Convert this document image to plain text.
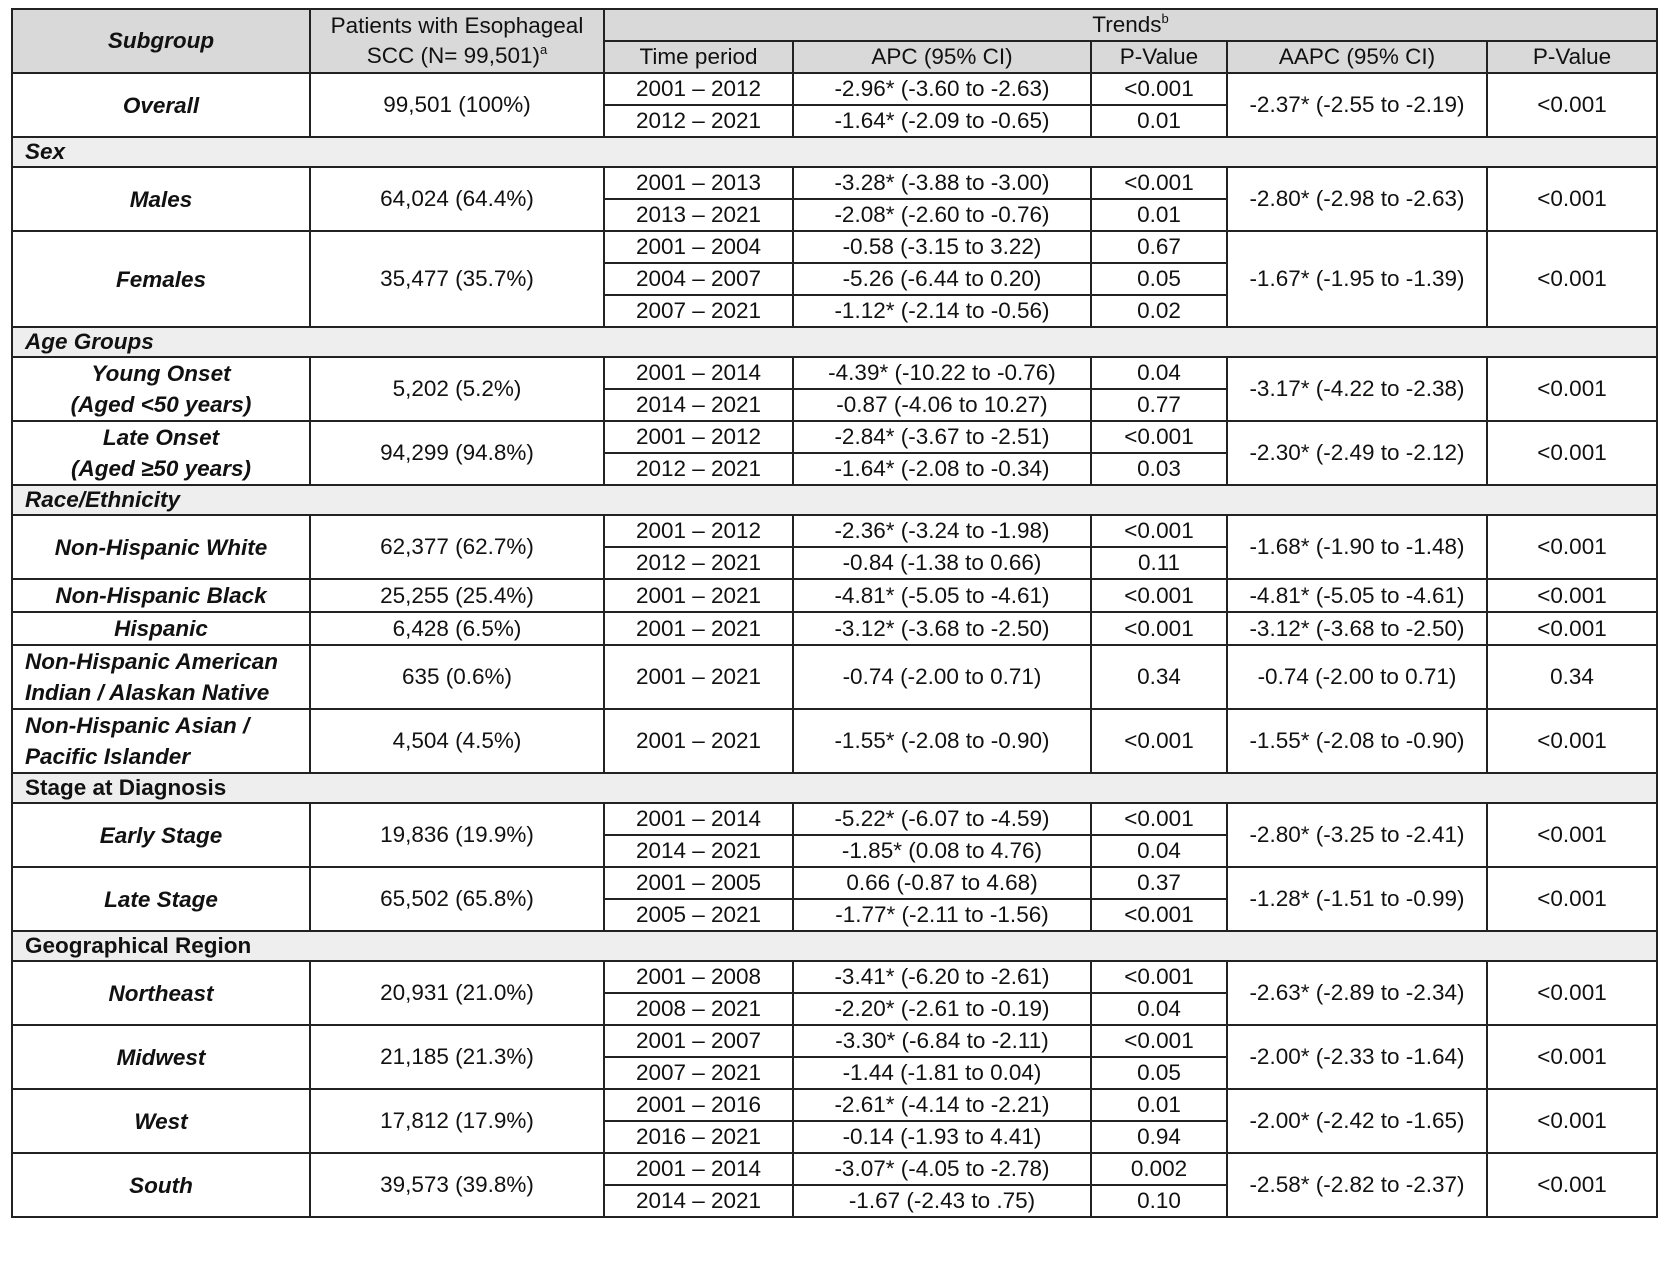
Subgroup	Patients with Esophageal
SCC (N= 99,501)$^a$	Trends$^b$
		Time period	APC (95% CI)	P-Value	AAPC (95% CI)	P-Value
Overall	99,501 (100%)	2001 – 2012	-2.96* (-3.60 to -2.63)	<0.001	-2.37* (-2.55 to -2.19)	<0.001
		2012 – 2021	-1.64* (-2.09 to -0.65)	0.01		
Sex						
Males	64,024 (64.4%)	2001 – 2013	-3.28* (-3.88 to -3.00)	<0.001	-2.80* (-2.98 to -2.63)	<0.001
		2013 – 2021	-2.08* (-2.60 to -0.76)	0.01		
Females	35,477 (35.7%)	2001 – 2004	-0.58 (-3.15 to 3.22)	0.67	-1.67* (-1.95 to -1.39)	<0.001
		2004 – 2007	-5.26 (-6.44 to 0.20)	0.05		
		2007 – 2021	-1.12* (-2.14 to -0.56)	0.02		
Age Groups						
Young Onset
(Aged <50 years)	5,202 (5.2%)	2001 – 2014	-4.39* (-10.22 to -0.76)	0.04	-3.17* (-4.22 to -2.38)	<0.001
		2014 – 2021	-0.87 (-4.06 to 10.27)	0.77		
Late Onset
(Aged ≥50 years)	94,299 (94.8%)	2001 – 2012	-2.84* (-3.67 to -2.51)	<0.001	-2.30* (-2.49 to -2.12)	<0.001
		2012 – 2021	-1.64* (-2.08 to -0.34)	0.03		
Race/Ethnicity						
Non-Hispanic White	62,377 (62.7%)	2001 – 2012	-2.36* (-3.24 to -1.98)	<0.001	-1.68* (-1.90 to -1.48)	<0.001
		2012 – 2021	-0.84 (-1.38 to 0.66)	0.11		
Non-Hispanic Black	25,255 (25.4%)	2001 – 2021	-4.81* (-5.05 to -4.61)	<0.001	-4.81* (-5.05 to -4.61)	<0.001
Hispanic	6,428 (6.5%)	2001 – 2021	-3.12* (-3.68 to -2.50)	<0.001	-3.12* (-3.68 to -2.50)	<0.001
Non-Hispanic American
Indian / Alaskan Native	635 (0.6%)	2001 – 2021	-0.74 (-2.00 to 0.71)	0.34	-0.74 (-2.00 to 0.71)	0.34
Non-Hispanic Asian /
Pacific Islander	4,504 (4.5%)	2001 – 2021	-1.55* (-2.08 to -0.90)	<0.001	-1.55* (-2.08 to -0.90)	<0.001
Stage at Diagnosis						
Early Stage	19,836 (19.9%)	2001 – 2014	-5.22* (-6.07 to -4.59)	<0.001	-2.80* (-3.25 to -2.41)	<0.001
		2014 – 2021	-1.85* (0.08 to 4.76)	0.04		
Late Stage	65,502 (65.8%)	2001 – 2005	0.66 (-0.87 to 4.68)	0.37	-1.28* (-1.51 to -0.99)	<0.001
		2005 – 2021	-1.77* (-2.11 to -1.56)	<0.001		
Geographical Region						
Northeast	20,931 (21.0%)	2001 – 2008	-3.41* (-6.20 to -2.61)	<0.001	-2.63* (-2.89 to -2.34)	<0.001
		2008 – 2021	-2.20* (-2.61 to -0.19)	0.04		
Midwest	21,185 (21.3%)	2001 – 2007	-3.30* (-6.84 to -2.11)	<0.001	-2.00* (-2.33 to -1.64)	<0.001
		2007 – 2021	-1.44 (-1.81 to 0.04)	0.05		
West	17,812 (17.9%)	2001 – 2016	-2.61* (-4.14 to -2.21)	0.01	-2.00* (-2.42 to -1.65)	<0.001
		2016 – 2021	-0.14 (-1.93 to 4.41)	0.94		
South	39,573 (39.8%)	2001 – 2014	-3.07* (-4.05 to -2.78)	0.002	-2.58* (-2.82 to -2.37)	<0.001
		2014 – 2021	-1.67 (-2.43 to .75)	0.10		
